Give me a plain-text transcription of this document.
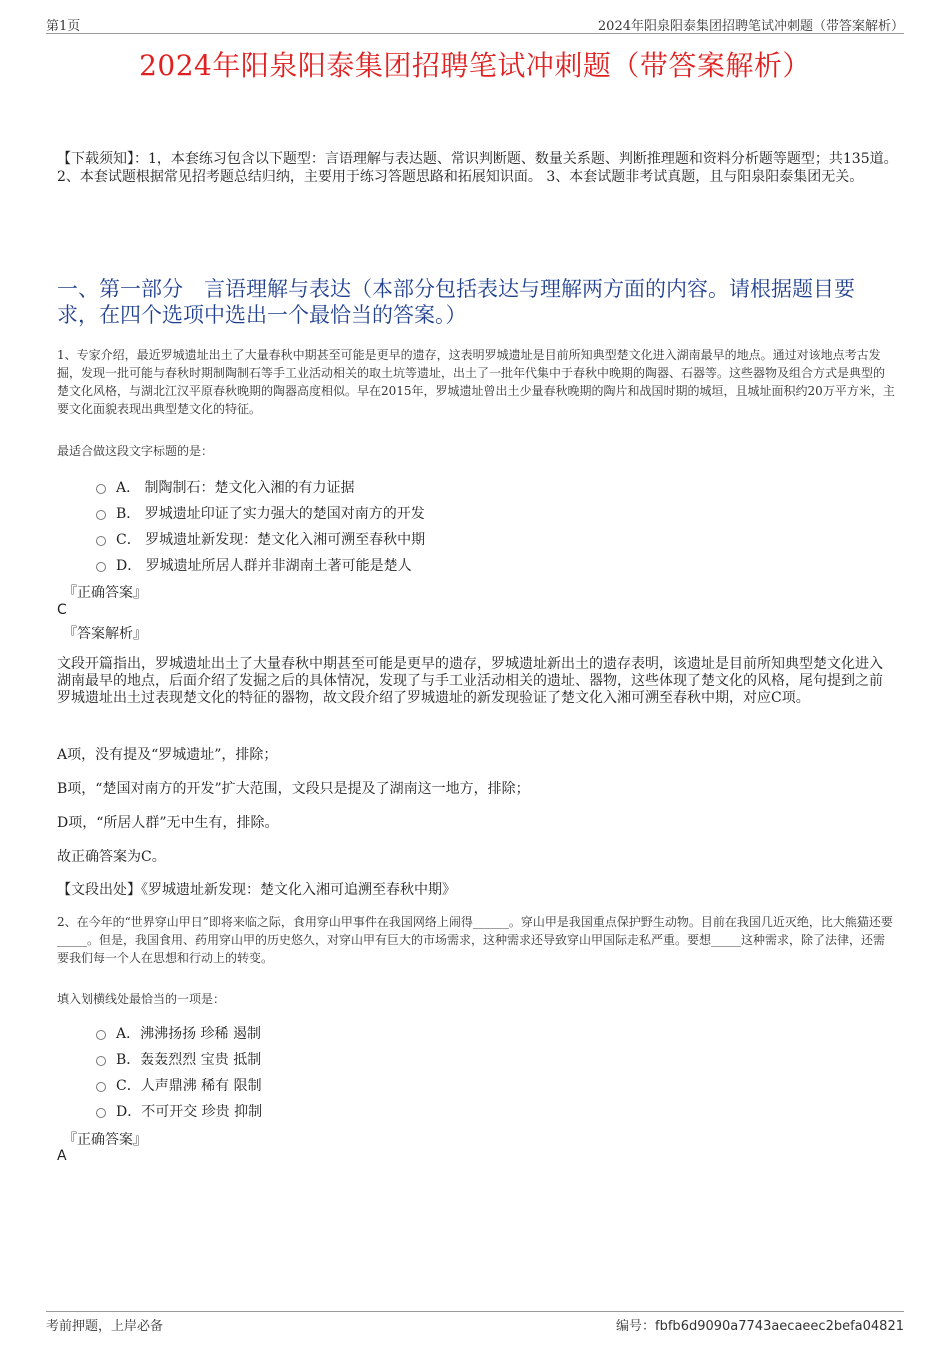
第1页	2024年阳泉阳泰集团招聘笔试冲刺题（带答案解析）
2024年阳泉阳泰集团招聘笔试冲刺题（带答案解析）
【下载须知】：1，本套练习包含以下题型：言语理解与表达题、常识判断题、数量关系题、判断推理题和资料分析题等题型；共135道。 2、本套试题根据常见招考题总结归纳，主要用于练习答题思路和拓展知识面。 3、本套试题非考试真题，且与阳泉阳泰集团无关。
一、第一部分　言语理解与表达（本部分包括表达与理解两方面的内容。请根据题目要求，在四个选项中选出一个最恰当的答案。）
1、专家介绍，最近罗城遗址出土了大量春秋中期甚至可能是更早的遗存，这表明罗城遗址是目前所知典型楚文化进入湖南最早的地点。通过对该地点考古发掘，发现一批可能与春秋时期制陶制石等手工业活动相关的取土坑等遗址，出土了一批年代集中于春秋中晚期的陶器、石器等。这些器物及组合方式是典型的楚文化风格，与湖北江汉平原春秋晚期的陶器高度相似。早在2015年，罗城遗址曾出土少量春秋晚期的陶片和战国时期的城垣，且城址面积约20万平方米，主要文化面貌表现出典型楚文化的特征。
最适合做这段文字标题的是：
A． 制陶制石：楚文化入湘的有力证据
B． 罗城遗址印证了实力强大的楚国对南方的开发
C． 罗城遗址新发现：楚文化入湘可溯至春秋中期
D． 罗城遗址所居人群并非湖南土著可能是楚人
『正确答案』
C
『答案解析』
文段开篇指出，罗城遗址出土了大量春秋中期甚至可能是更早的遗存，罗城遗址新出土的遗存表明，该遗址是目前所知典型楚文化进入湖南最早的地点，后面介绍了发掘之后的具体情况，发现了与手工业活动相关的遗址、器物，这些体现了楚文化的风格，尾句提到之前罗城遗址出土过表现楚文化的特征的器物，故文段介绍了罗城遗址的新发现验证了楚文化入湘可溯至春秋中期，对应C项。
A项，没有提及“罗城遗址”，排除；
B项，“楚国对南方的开发”扩大范围，文段只是提及了湖南这一地方，排除；
D项，“所居人群”无中生有，排除。
故正确答案为C。
【文段出处】《罗城遗址新发现：楚文化入湘可追溯至春秋中期》
2、在今年的“世界穿山甲日”即将来临之际，食用穿山甲事件在我国网络上闹得______。穿山甲是我国重点保护野生动物。目前在我国几近灭绝，比大熊猫还要_____。但是，我国食用、药用穿山甲的历史悠久，对穿山甲有巨大的市场需求，这种需求还导致穿山甲国际走私严重。要想_____这种需求，除了法律，还需要我们每一个人在思想和行动上的转变。
填入划横线处最恰当的一项是：
A．沸沸扬扬 珍稀 遏制
B．轰轰烈烈 宝贵 抵制
C．人声鼎沸 稀有 限制
D．不可开交 珍贵 抑制
『正确答案』
A
考前押题，上岸必备	编号：fbfb6d9090a7743aecaeec2befa04821
